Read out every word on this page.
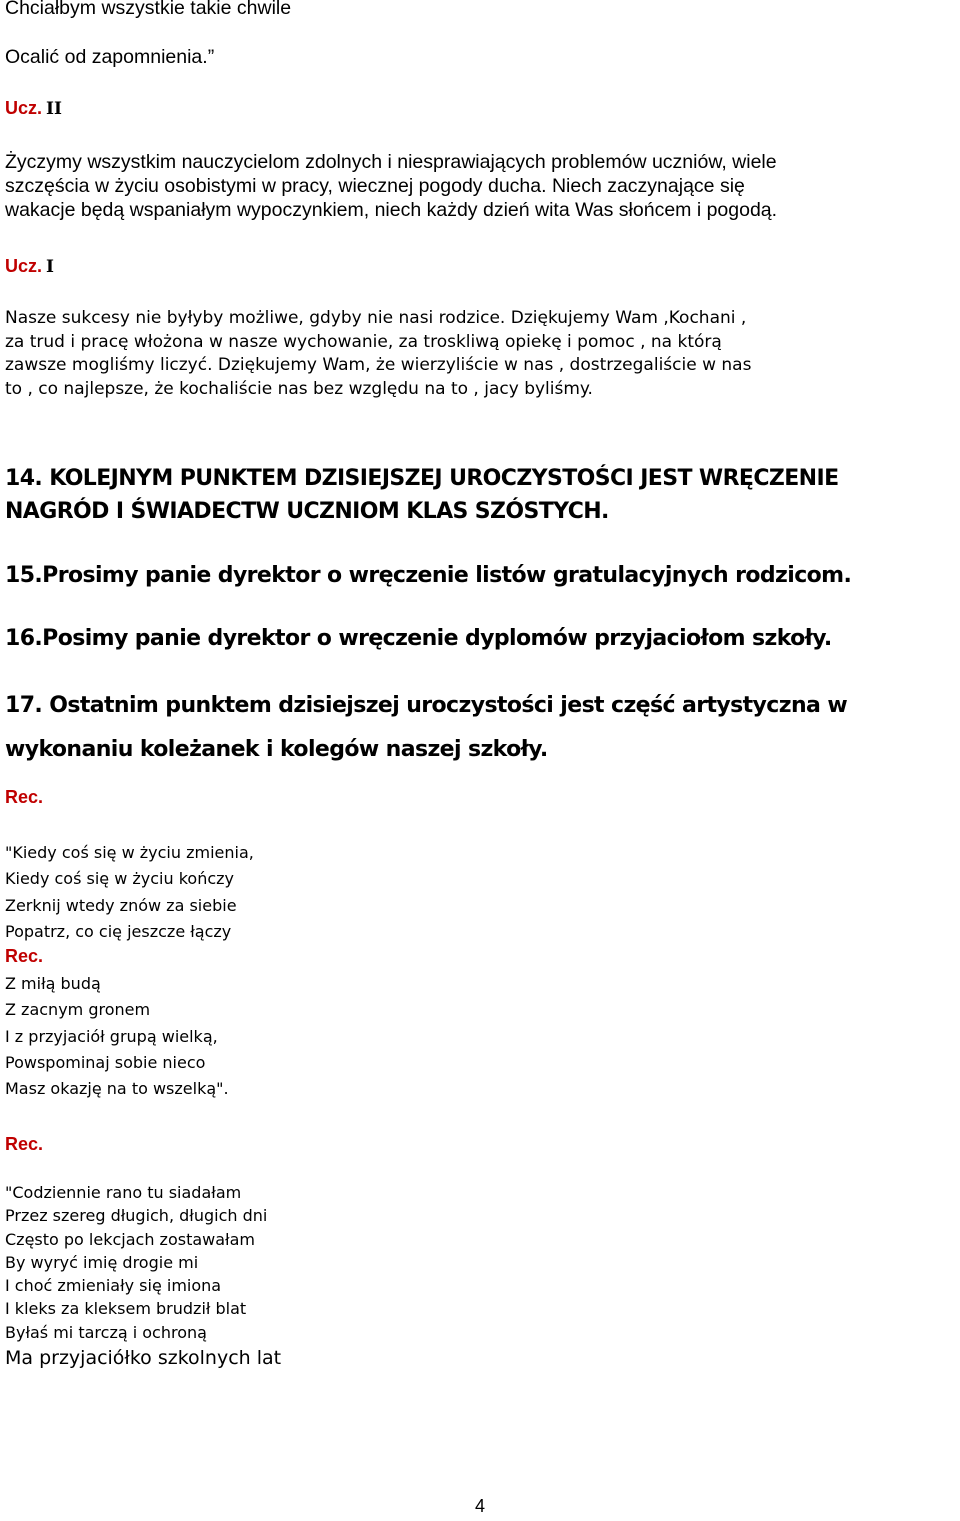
Chciałbym wszystkie takie chwile
Ocalić od zapomnienia.”
Ucz. II
Życzymy wszystkim nauczycielom zdolnych i niesprawiających problemów uczniów, wiele
szczęścia w życiu osobistymi w pracy, wiecznej pogody ducha. Niech zaczynające się
wakacje będą wspaniałym wypoczynkiem, niech każdy dzień wita Was słońcem i pogodą.
Ucz. I
Nasze sukcesy nie byłyby możliwe, gdyby nie nasi rodzice. Dziękujemy Wam ,Kochani ,
za trud i pracę włożona w nasze wychowanie, za troskliwą opiekę i pomoc , na którą
zawsze mogliśmy liczyć. Dziękujemy Wam, że wierzyliście w nas , dostrzegaliście w nas
to , co najlepsze, że kochaliście nas bez względu na to , jacy byliśmy.
14. KOLEJNYM PUNKTEM DZISIEJSZEJ UROCZYSTOŚCI JEST WRĘCZENIE
NAGRÓD I ŚWIADECTW UCZNIOM KLAS SZÓSTYCH.
15.Prosimy panie dyrektor o wręczenie listów gratulacyjnych rodzicom.
16.Posimy panie dyrektor o wręczenie dyplomów przyjaciołom szkoły.
17. Ostatnim punktem dzisiejszej uroczystości jest część artystyczna w
wykonaniu koleżanek i kolegów naszej szkoły.
Rec.
"Kiedy coś się w życiu zmienia,
Kiedy coś się w życiu kończy
Zerknij wtedy znów za siebie
Popatrz, co cię jeszcze łączy
Rec.
Z miłą budą
Z zacnym gronem
I z przyjaciół grupą wielką,
Powspominaj sobie nieco
Masz okazję na to wszelką".
Rec.
"Codziennie rano tu siadałam
Przez szereg długich, długich dni
Często po lekcjach zostawałam
By wyryć imię drogie mi
I choć zmieniały się imiona
I kleks za kleksem brudził blat
Byłaś mi tarczą i ochroną
Ma przyjaciółko szkolnych lat
4
